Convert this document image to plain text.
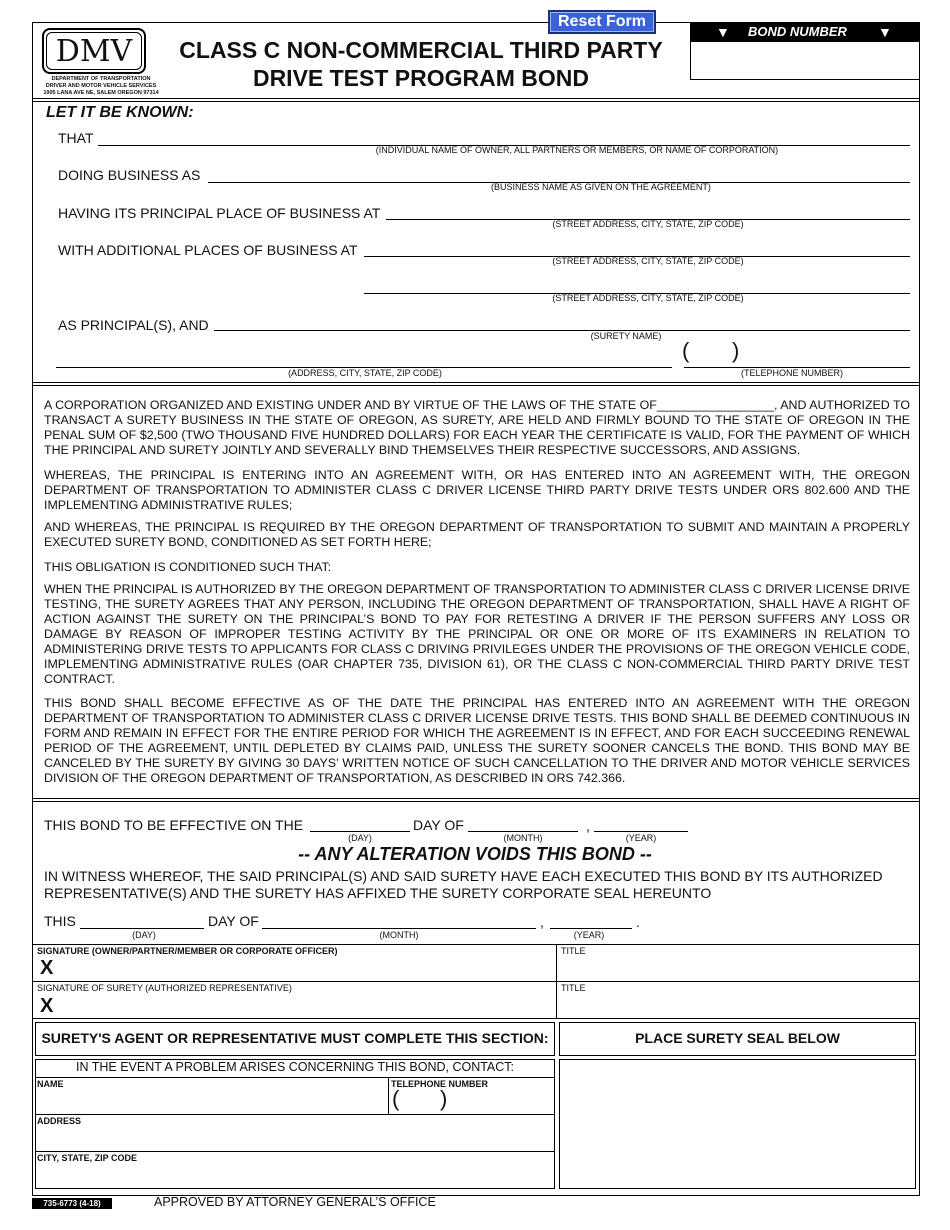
DMV
DEPARTMENT OF TRANSPORTATION
DRIVER AND MOTOR VEHICLE SERVICES
1905 LANA AVE NE, SALEM OREGON 97314
CLASS C NON-COMMERCIAL THIRD PARTY
DRIVE TEST PROGRAM BOND
Reset Form
▼ BOND NUMBER ▼
LET IT BE KNOWN:
THAT
(INDIVIDUAL NAME OF OWNER, ALL PARTNERS OR MEMBERS, OR NAME OF CORPORATION)
DOING BUSINESS AS
(BUSINESS NAME AS GIVEN ON THE AGREEMENT)
HAVING ITS PRINCIPAL PLACE OF BUSINESS AT
(STREET ADDRESS, CITY, STATE, ZIP CODE)
WITH ADDITIONAL PLACES OF BUSINESS AT
(STREET ADDRESS, CITY, STATE, ZIP CODE)
(STREET ADDRESS, CITY, STATE, ZIP CODE)
AS PRINCIPAL(S), AND
(SURETY NAME)
(ADDRESS, CITY, STATE, ZIP CODE)
( )
(TELEPHONE NUMBER)
A CORPORATION ORGANIZED AND EXISTING UNDER AND BY VIRTUE OF THE LAWS OF THE STATE OF_________________, AND AUTHORIZED TO TRANSACT A SURETY BUSINESS IN THE STATE OF OREGON, AS SURETY, ARE HELD AND FIRMLY BOUND TO THE STATE OF OREGON IN THE PENAL SUM OF $2,500 (TWO THOUSAND FIVE HUNDRED DOLLARS) FOR EACH YEAR THE CERTIFICATE IS VALID, FOR THE PAYMENT OF WHICH THE PRINCIPAL AND SURETY JOINTLY AND SEVERALLY BIND THEMSELVES THEIR RESPECTIVE SUCCESSORS, AND ASSIGNS.
WHEREAS, THE PRINCIPAL IS ENTERING INTO AN AGREEMENT WITH, OR HAS ENTERED INTO AN AGREEMENT WITH, THE OREGON DEPARTMENT OF TRANSPORTATION TO ADMINISTER CLASS C DRIVER LICENSE THIRD PARTY DRIVE TESTS UNDER ORS 802.600 AND THE IMPLEMENTING ADMINISTRATIVE RULES;
AND WHEREAS, THE PRINCIPAL IS REQUIRED BY THE OREGON DEPARTMENT OF TRANSPORTATION TO SUBMIT AND MAINTAIN A PROPERLY EXECUTED SURETY BOND, CONDITIONED AS SET FORTH HERE;
THIS OBLIGATION IS CONDITIONED SUCH THAT:
WHEN THE PRINCIPAL IS AUTHORIZED BY THE OREGON DEPARTMENT OF TRANSPORTATION TO ADMINISTER CLASS C DRIVER LICENSE DRIVE TESTING, THE SURETY AGREES THAT ANY PERSON, INCLUDING THE OREGON DEPARTMENT OF TRANSPORTATION, SHALL HAVE A RIGHT OF ACTION AGAINST THE SURETY ON THE PRINCIPAL’S BOND TO PAY FOR RETESTING A DRIVER IF THE PERSON SUFFERS ANY LOSS OR DAMAGE BY REASON OF IMPROPER TESTING ACTIVITY BY THE PRINCIPAL OR ONE OR MORE OF ITS EXAMINERS IN RELATION TO ADMINISTERING DRIVE TESTS TO APPLICANTS FOR CLASS C DRIVING PRIVILEGES UNDER THE PROVISIONS OF THE OREGON VEHICLE CODE, IMPLEMENTING ADMINISTRATIVE RULES (OAR CHAPTER 735, DIVISION 61), OR THE CLASS C NON-COMMERCIAL THIRD PARTY DRIVE TEST CONTRACT.
THIS BOND SHALL BECOME EFFECTIVE AS OF THE DATE THE PRINCIPAL HAS ENTERED INTO AN AGREEMENT WITH THE OREGON DEPARTMENT OF TRANSPORTATION TO ADMINISTER CLASS C DRIVER LICENSE DRIVE TESTS. THIS BOND SHALL BE DEEMED CONTINUOUS IN FORM AND REMAIN IN EFFECT FOR THE ENTIRE PERIOD FOR WHICH THE AGREEMENT IS IN EFFECT, AND FOR EACH SUCCEEDING RENEWAL PERIOD OF THE AGREEMENT, UNTIL DEPLETED BY CLAIMS PAID, UNLESS THE SURETY SOONER CANCELS THE BOND. THIS BOND MAY BE CANCELED BY THE SURETY BY GIVING 30 DAYS’ WRITTEN NOTICE OF SUCH CANCELLATION TO THE DRIVER AND MOTOR VEHICLE SERVICES DIVISION OF THE OREGON DEPARTMENT OF TRANSPORTATION, AS DESCRIBED IN ORS 742.366.
THIS BOND TO BE EFFECTIVE ON THE	DAY OF	,
(DAY)	(MONTH)	(YEAR)
-- ANY ALTERATION VOIDS THIS BOND --
IN WITNESS WHEREOF, THE SAID PRINCIPAL(S) AND SAID SURETY HAVE EACH EXECUTED THIS BOND BY ITS AUTHORIZED REPRESENTATIVE(S) AND THE SURETY HAS AFFIXED THE SURETY CORPORATE SEAL HEREUNTO
THIS	DAY OF	,	.
(DAY)	(MONTH)	(YEAR)
SIGNATURE (OWNER/PARTNER/MEMBER OR CORPORATE OFFICER)
X
TITLE
SIGNATURE OF SURETY (AUTHORIZED REPRESENTATIVE)
X
TITLE
SURETY'S AGENT OR REPRESENTATIVE MUST COMPLETE THIS SECTION:	PLACE SURETY SEAL BELOW
IN THE EVENT A PROBLEM ARISES CONCERNING THIS BOND, CONTACT:
NAME	TELEPHONE NUMBER
( )
ADDRESS
CITY, STATE, ZIP CODE
735-6773 (4-18)	APPROVED BY ATTORNEY GENERAL’S OFFICE
